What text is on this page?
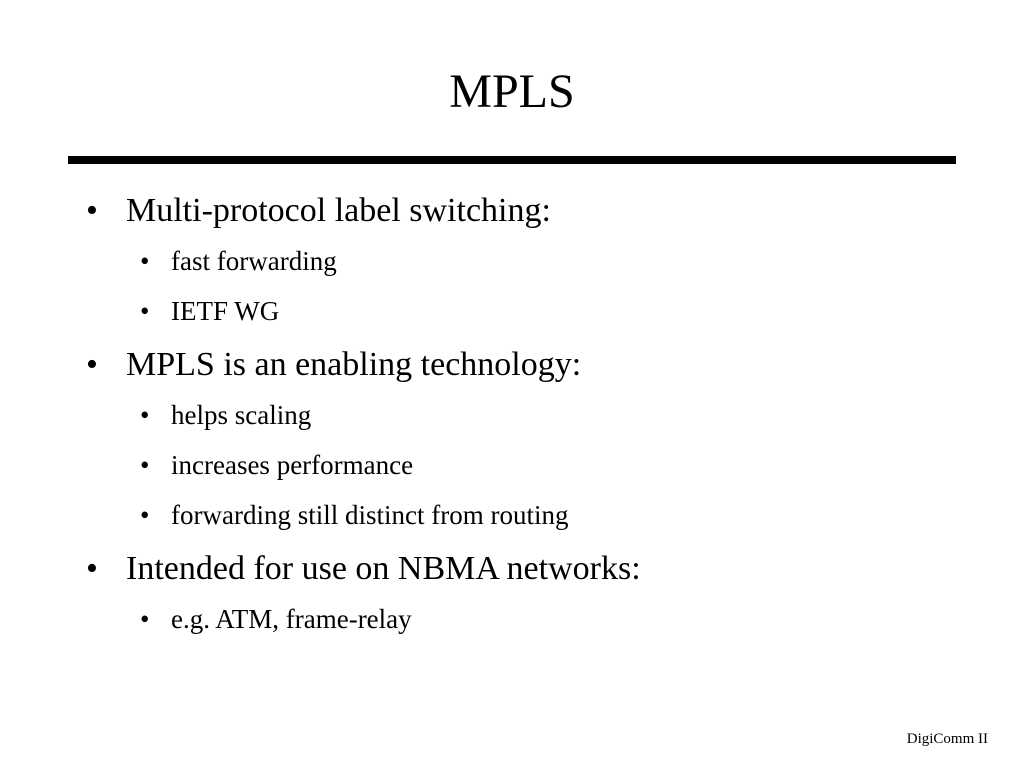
MPLS
• Multi-protocol label switching:
• fast forwarding
• IETF WG
• MPLS is an enabling technology:
• helps scaling
• increases performance
• forwarding still distinct from routing
• Intended for use on NBMA networks:
• e.g. ATM, frame-relay
DigiComm II
